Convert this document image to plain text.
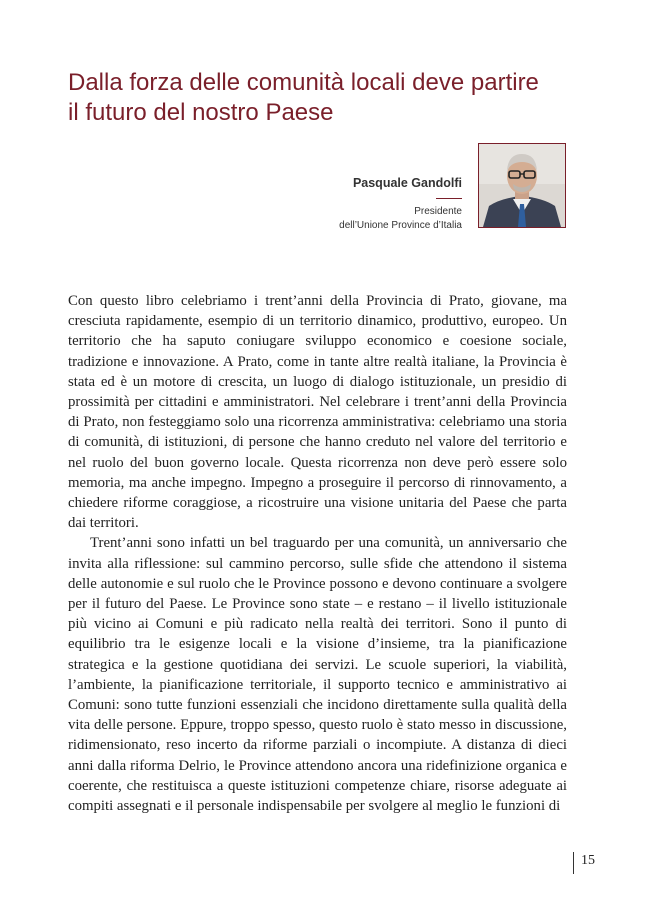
Dalla forza delle comunità locali deve partire
il futuro del nostro Paese
Pasquale Gandolfi
Presidente
dell’Unione Province d’Italia

Con questo libro celebriamo i trent’anni della Provincia di Prato, giovane, ma cresciuta rapidamente, esempio di un territorio dinamico, produttivo, europeo. Un territorio che ha saputo coniugare sviluppo economico e coesione sociale, tradizione e innovazione. A Prato, come in tante altre realtà italiane, la Provincia è stata ed è un motore di crescita, un luogo di dialogo istituzionale, un presidio di prossimità per cittadini e amministratori. Nel celebrare i trent’anni della Provincia di Prato, non festeggiamo solo una ricorrenza amministrativa: celebriamo una storia di comunità, di istituzioni, di persone che hanno creduto nel valore del territorio e nel ruolo del buon governo locale. Questa ricorrenza non deve però essere solo memoria, ma anche impegno. Impegno a proseguire il percorso di rinnovamento, a chiedere riforme coraggiose, a ricostruire una visione unitaria del Paese che parta dai territori.

Trent’anni sono infatti un bel traguardo per una comunità, un anniversario che invita alla riflessione: sul cammino percorso, sulle sfide che attendono il sistema delle autonomie e sul ruolo che le Province possono e devono continuare a svolgere per il futuro del Paese. Le Province sono state – e restano – il livello istituzionale più vicino ai Comuni e più radicato nella realtà dei territori. Sono il punto di equilibrio tra le esigenze locali e la visione d’insieme, tra la pianificazione strategica e la gestione quotidiana dei servizi. Le scuole superiori, la viabilità, l’ambiente, la pianificazione territoriale, il supporto tecnico e amministrativo ai Comuni: sono tutte funzioni essenziali che incidono direttamente sulla qualità della vita delle persone. Eppure, troppo spesso, questo ruolo è stato messo in discussione, ridimensionato, reso incerto da riforme parziali o incompiute. A distanza di dieci anni dalla riforma Delrio, le Province attendono ancora una ridefinizione organica e coerente, che restituisca a queste istituzioni competenze chiare, risorse adeguate ai compiti assegnati e il personale indispensabile per svolgere al meglio le funzioni di

15
